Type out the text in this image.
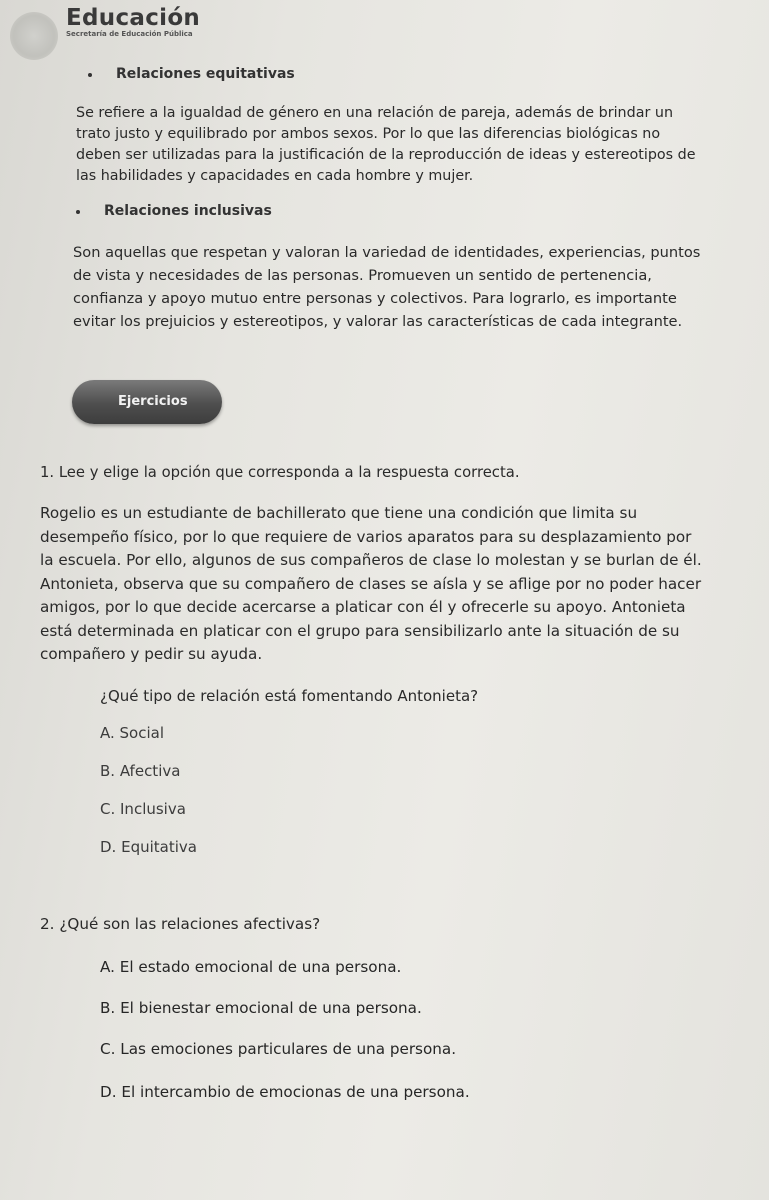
Educación
Secretaría de Educación Pública
Relaciones equitativas
Se refiere a la igualdad de género en una relación de pareja, además de brindar un
trato justo y equilibrado por ambos sexos. Por lo que las diferencias biológicas no
deben ser utilizadas para la justificación de la reproducción de ideas y estereotipos de
las habilidades y capacidades en cada hombre y mujer.
Relaciones inclusivas
Son aquellas que respetan y valoran la variedad de identidades, experiencias, puntos
de vista y necesidades de las personas. Promueven un sentido de pertenencia,
confianza y apoyo mutuo entre personas y colectivos. Para lograrlo, es importante
evitar los prejuicios y estereotipos, y valorar las características de cada integrante.
Ejercicios
1. Lee y elige la opción que corresponda a la respuesta correcta.
Rogelio es un estudiante de bachillerato que tiene una condición que limita su
desempeño físico, por lo que requiere de varios aparatos para su desplazamiento por
la escuela. Por ello, algunos de sus compañeros de clase lo molestan y se burlan de él.
Antonieta, observa que su compañero de clases se aísla y se aflige por no poder hacer
amigos, por lo que decide acercarse a platicar con él y ofrecerle su apoyo. Antonieta
está determinada en platicar con el grupo para sensibilizarlo ante la situación de su
compañero y pedir su ayuda.
¿Qué tipo de relación está fomentando Antonieta?
A. Social
B. Afectiva
C. Inclusiva
D. Equitativa
2. ¿Qué son las relaciones afectivas?
A. El estado emocional de una persona.
B. El bienestar emocional de una persona.
C. Las emociones particulares de una persona.
D. El intercambio de emocionas de una persona.
